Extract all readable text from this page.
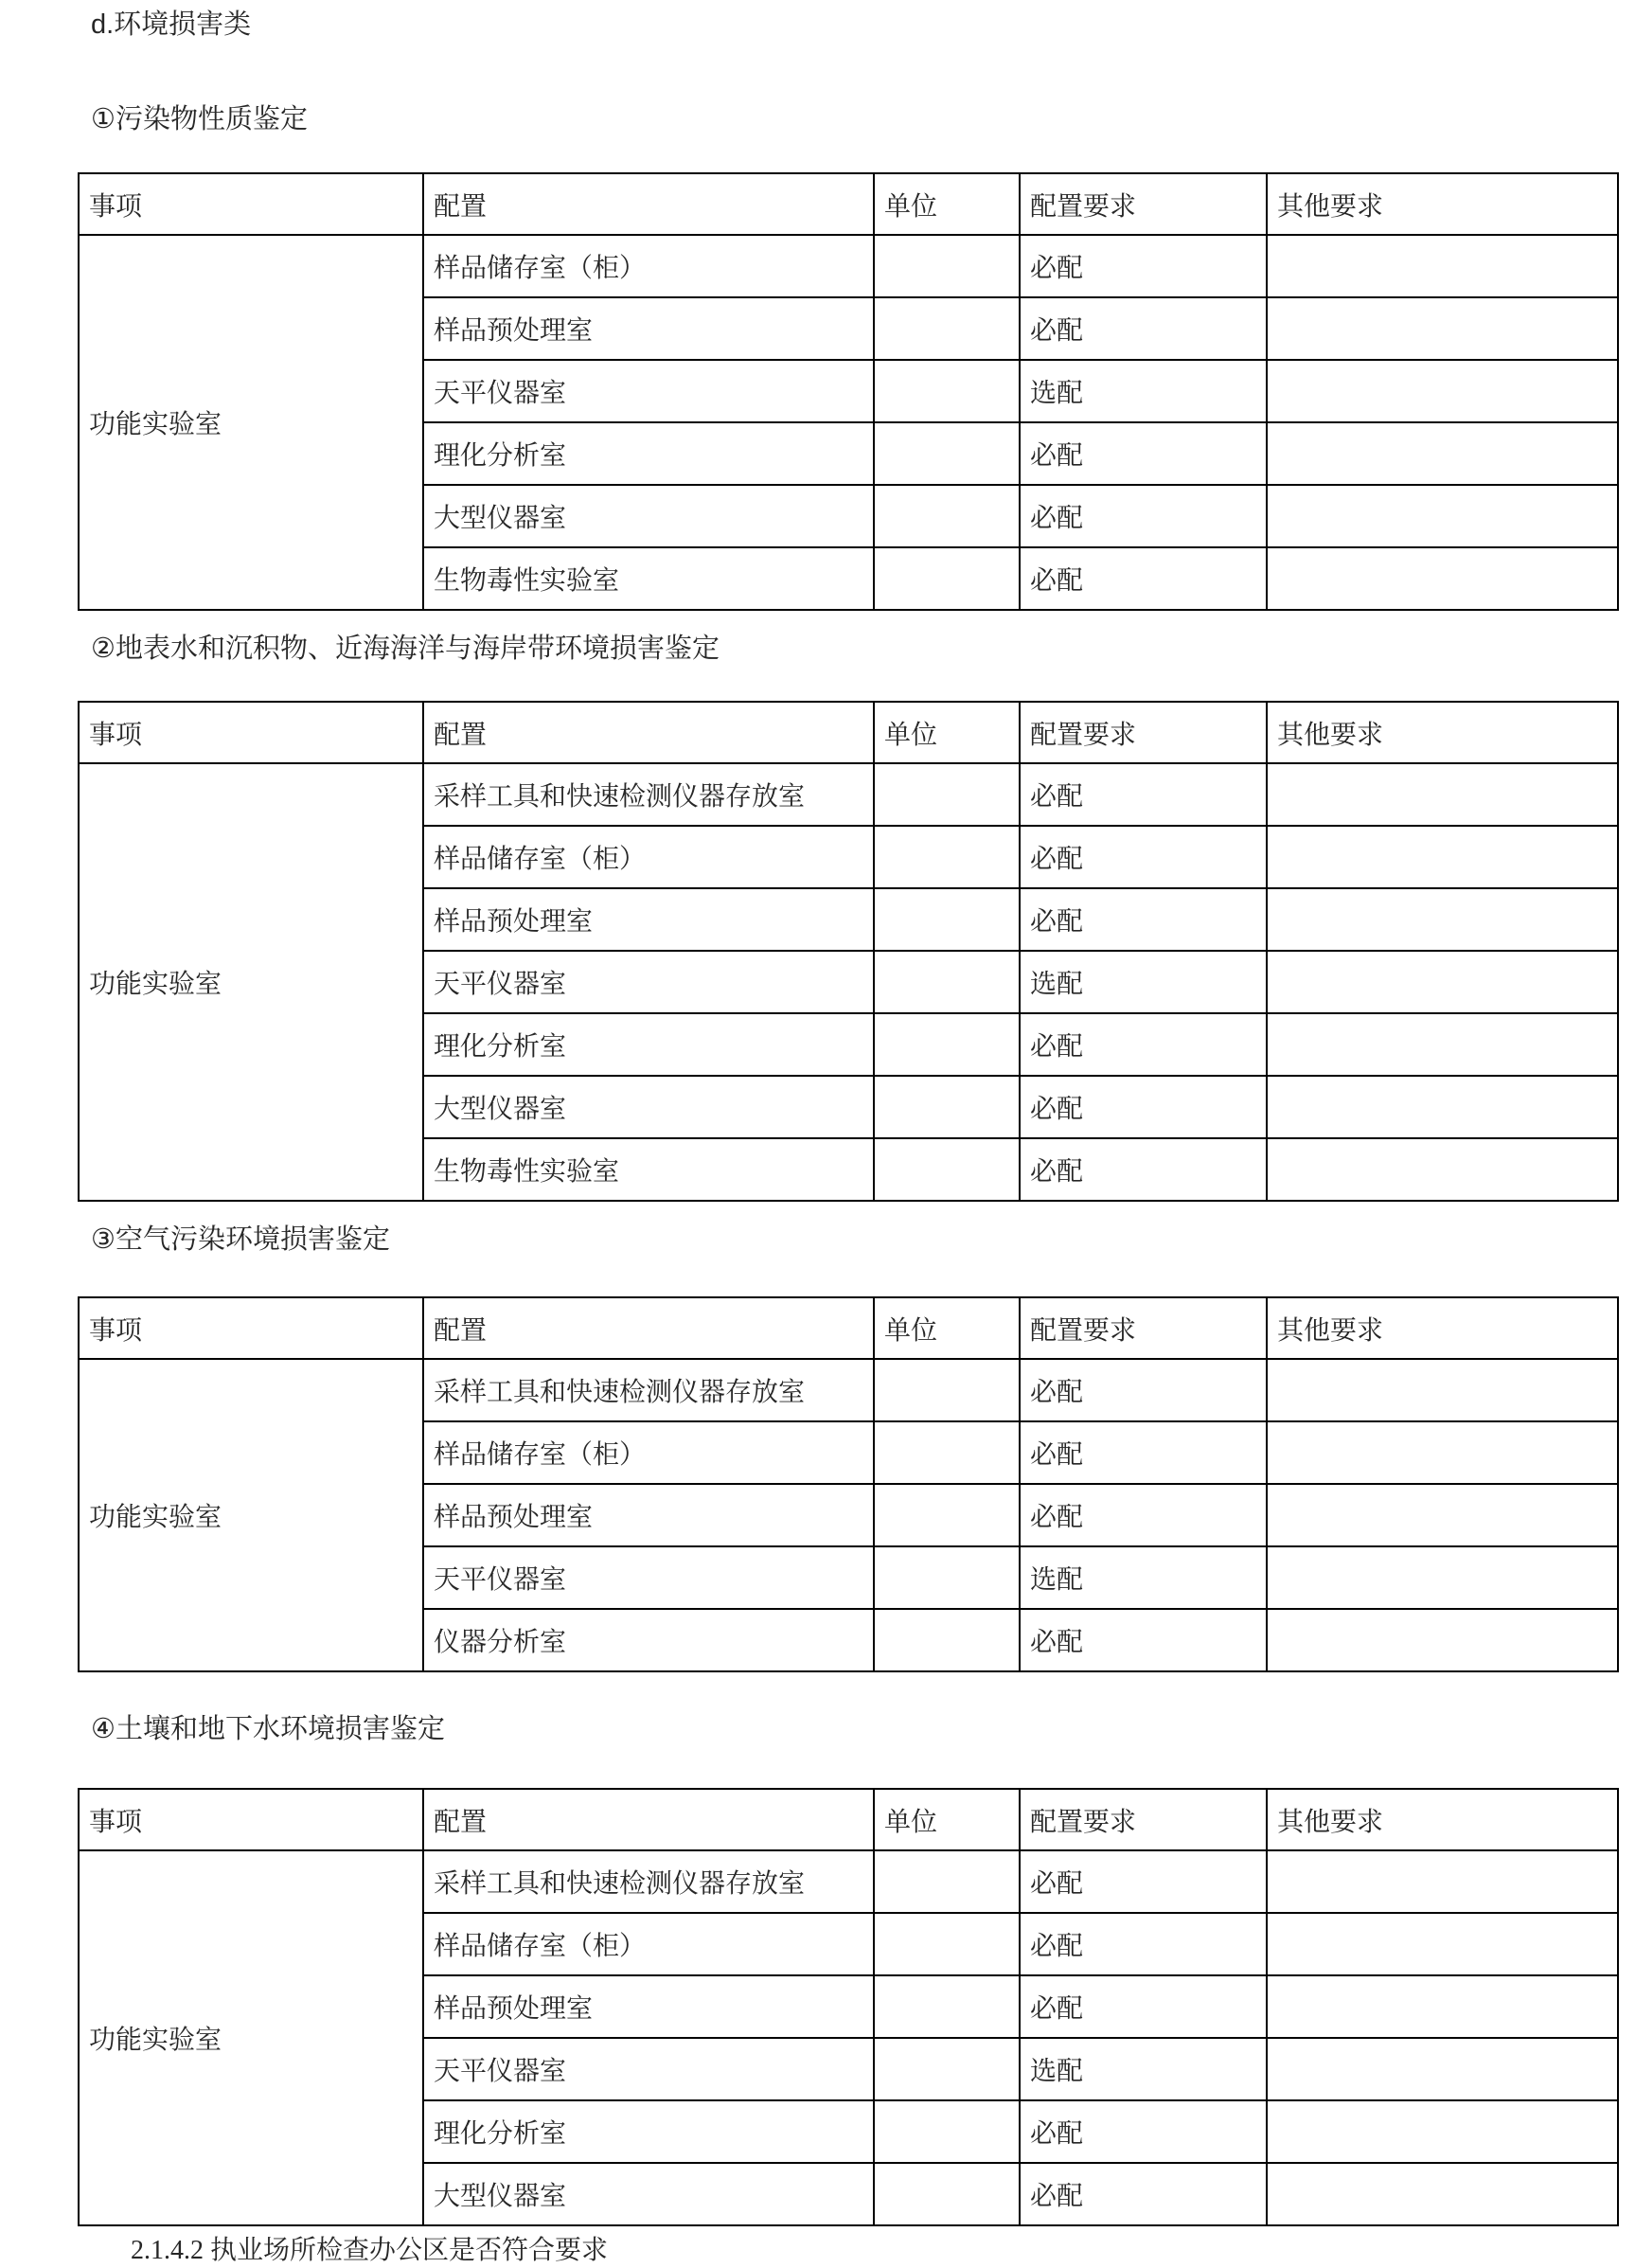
d.环境损害类
①污染物性质鉴定
事项	配置	单位	配置要求	其他要求
功能实验室	样品储存室（柜）		必配	
	样品预处理室		必配	
	天平仪器室		选配	
	理化分析室		必配	
	大型仪器室		必配	
	生物毒性实验室		必配	
②地表水和沉积物、近海海洋与海岸带环境损害鉴定
事项	配置	单位	配置要求	其他要求
功能实验室	采样工具和快速检测仪器存放室		必配	
	样品储存室（柜）		必配	
	样品预处理室		必配	
	天平仪器室		选配	
	理化分析室		必配	
	大型仪器室		必配	
	生物毒性实验室		必配	
③空气污染环境损害鉴定
事项	配置	单位	配置要求	其他要求
功能实验室	采样工具和快速检测仪器存放室		必配	
	样品储存室（柜）		必配	
	样品预处理室		必配	
	天平仪器室		选配	
	仪器分析室		必配	
④土壤和地下水环境损害鉴定
事项	配置	单位	配置要求	其他要求
功能实验室	采样工具和快速检测仪器存放室		必配	
	样品储存室（柜）		必配	
	样品预处理室		必配	
	天平仪器室		选配	
	理化分析室		必配	
	大型仪器室		必配	
2.1.4.2 执业场所检查办公区是否符合要求
